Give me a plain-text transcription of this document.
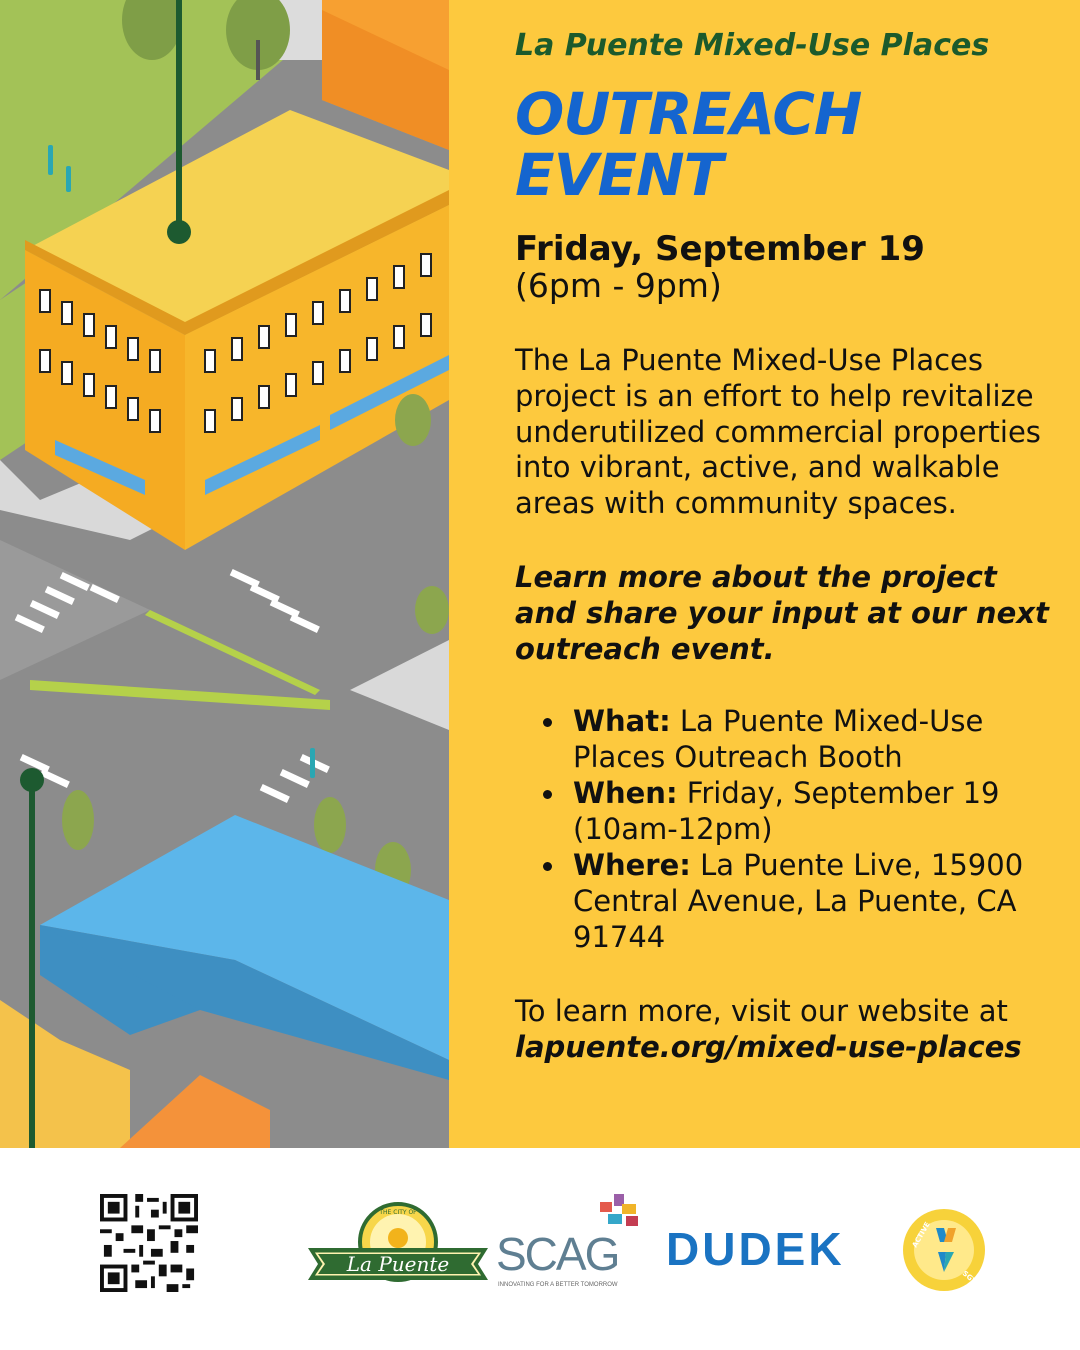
La Puente Mixed-Use Places

OUTREACH
EVENT

Friday, September 19

(6pm - 9pm)

The La Puente Mixed-Use Places project is an effort to help revitalize underutilized commercial properties into vibrant, active, and walkable areas with community spaces.

Learn more about the project and share your input at our next outreach event.

What: La Puente Mixed-Use Places Outreach Booth
When: Friday, September 19 (10am-12pm)
Where: La Puente Live, 15900 Central Avenue, La Puente, CA 91744

To learn more, visit our website at

lapuente.org/mixed-use-places

THE CITY OF
La Puente SCAG
INNOVATING FOR A BETTER TOMORROW
DUDEK	ACTIVE
SGV
